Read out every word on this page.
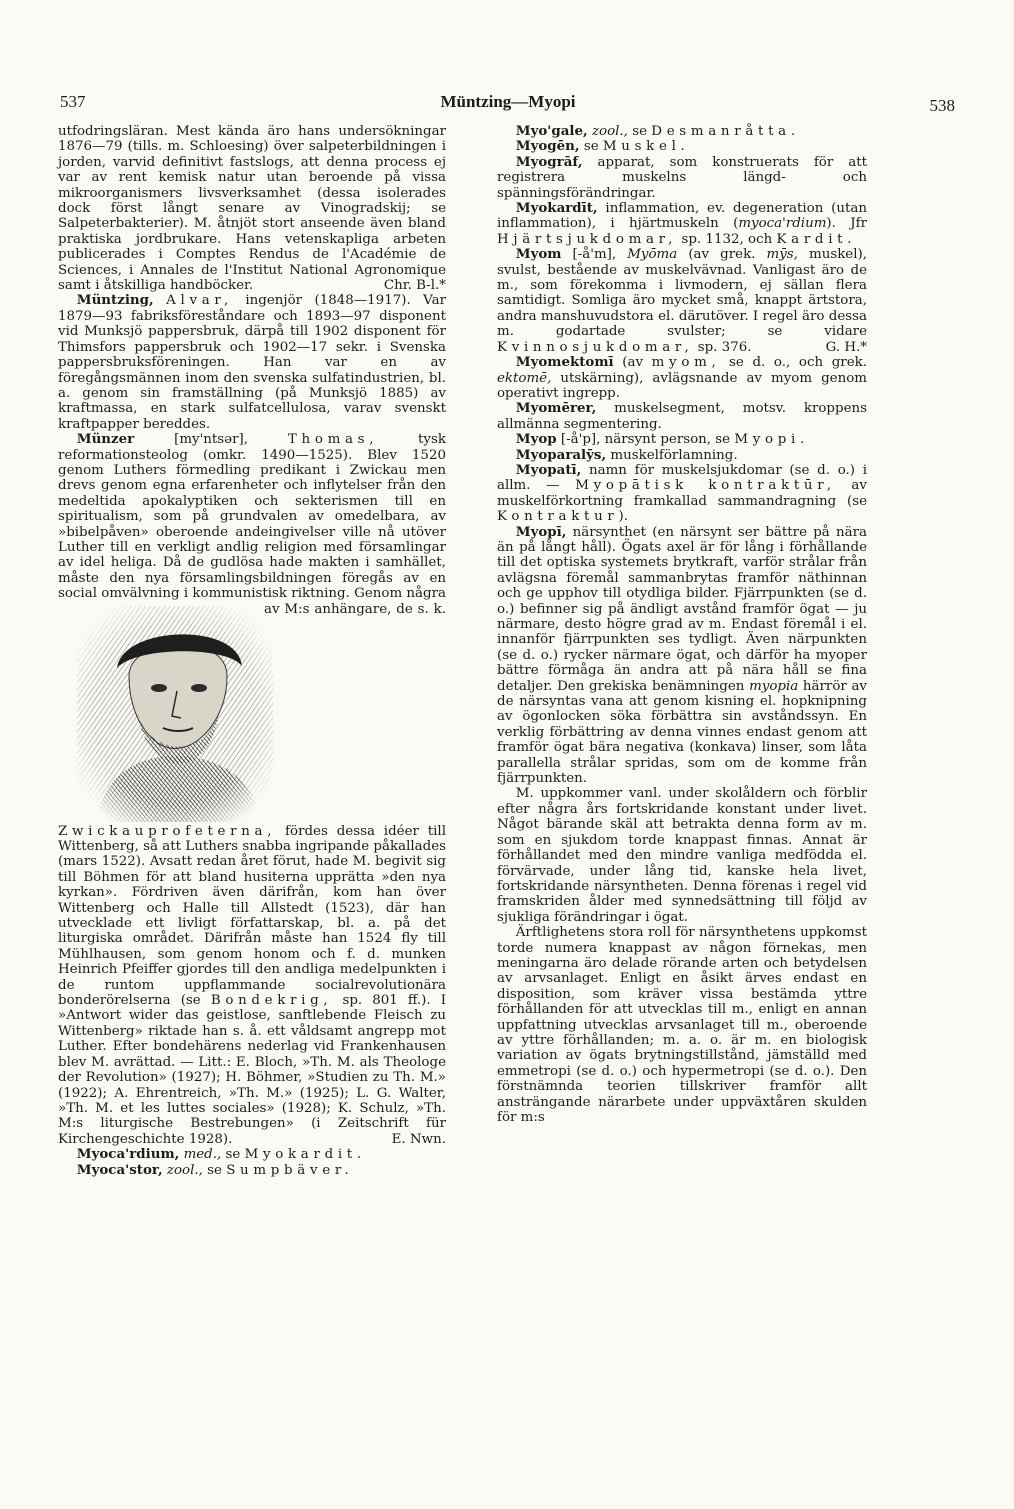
537	Müntzing—Myopi	538

utfodringsläran. Mest kända äro hans undersökningar 1876—79 (tills. m. Schloesing) över salpeterbildningen i jorden, varvid definitivt fastslogs, att denna process ej var av rent kemisk natur utan beroende på vissa mikroorganismers livsverksamhet (dessa isolerades dock först långt senare av Vinogradskij; se Salpeterbakterier). M. åtnjöt stort anseende även bland praktiska jordbrukare. Hans vetenskapliga arbeten publicerades i Comptes Rendus de l'Académie de Sciences, i Annales de l'Institut National Agronomique samt i åtskilliga handböcker.	Chr. B-l.*

Müntzing, Alvar, ingenjör (1848—1917). Var 1879—93 fabriksföreståndare och 1893—97 disponent vid Munksjö pappersbruk, därpå till 1902 disponent för Thimsfors pappersbruk och 1902—17 sekr. i Svenska pappersbruksföreningen. Han var en av föregångsmännen inom den svenska sulfatindustrien, bl. a. genom sin framställning (på Munksjö 1885) av kraftmassa, en stark sulfatcellulosa, varav svenskt kraftpapper bereddes.

Münzer [my'ntsər],	Thomas, tysk reformationsteolog (omkr. 1490—1525). Blev 1520 genom Luthers förmedling predikant i Zwickau men drevs genom egna erfarenheter och inflytelser från den medeltida apokalyptiken och sekterismen till en spiritualism, som på grundvalen av omedelbara, av »bibelpåven» oberoende andeingivelser ville nå utöver Luther till en verkligt andlig religion med församlingar av idel heliga. Då de gudlösa hade makten i samhället, måste den nya församlingsbildningen föregås av en social omvälvning i kommunistisk riktning. Genom några av M:s anhängare, de s. k.
Zwickauprofeterna, fördes dessa idéer till Wittenberg, så att Luthers snabba ingripande påkallades (mars 1522). Avsatt redan året förut, hade M. begivit sig till Böhmen för att bland husiterna upprätta »den nya kyrkan». Fördriven även därifrån, kom han över Wittenberg och Halle till Allstedt (1523), där han utvecklade ett livligt författarskap, bl. a. på det liturgiska området. Därifrån måste han 1524 fly till Mühlhausen, som genom honom och f. d. munken Heinrich Pfeiffer gjordes till den andliga medelpunkten i de runtom uppflammande socialrevolutionära bonderörelserna (se Bondekrig, sp. 801 ff.). I »Antwort wider das geistlose, sanftlebende Fleisch zu Wittenberg» riktade han s. å. ett våldsamt angrepp mot Luther. Efter bondehärens nederlag vid Frankenhausen blev M. avrättad. — Litt.: E. Bloch, »Th. M. als Theologe der Revolution» (1927); H. Böhmer, »Studien zu Th. M.» (1922); A. Ehrentreich, »Th. M.» (1925); L. G. Walter, »Th. M. et les luttes sociales» (1928); K. Schulz, »Th. M:s liturgische Bestrebungen» (i Zeitschrift für Kirchengeschichte 1928).	E. Nwn.

Myoca'rdium, med., se Myokardit.

Myoca'stor, zool., se Sumpbäver.

Myo'gale, zool., se Desmanråtta.

Myogēn, se Muskel.

Myogrāf, apparat, som konstruerats för att registrera muskelns längd- och spänningsförändringar.

Myokardīt, inflammation, ev. degeneration (utan inflammation), i hjärtmuskeln (myoca'rdium). Jfr Hjärtsjukdomar, sp. 1132, och Kardit.

Myom [-å'm], Myōma (av grek. mȳs, muskel), svulst, bestående av muskelvävnad. Vanligast äro de m., som förekomma i livmodern, ej sällan flera samtidigt. Somliga äro mycket små, knappt ärtstora, andra manshuvudstora el. därutöver. I regel äro dessa m. godartade svulster; se vidare Kvinnosjukdomar, sp. 376.	G. H.*

Myomektomī (av myom, se d. o., och grek. ektomē, utskärning), avlägsnande av myom genom operativt ingrepp.

Myomērer, muskelsegment, motsv. kroppens allmänna segmentering.

Myop [-å'p], närsynt person, se Myopi.

Myoparalȳs, muskelförlamning.

Myopatī, namn för muskelsjukdomar (se d. o.) i allm. — Myopātisk kontraktūr, av muskelförkortning framkallad sammandragning (se Kontraktur).

Myopī, närsynthet (en närsynt ser bättre på nära än på långt håll). Ögats axel är för lång i förhållande till det optiska systemets brytkraft, varför strålar från avlägsna föremål sammanbrytas framför näthinnan och ge upphov till otydliga bilder. Fjärrpunkten (se d. o.) befinner sig på ändligt avstånd framför ögat — ju närmare, desto högre grad av m. Endast föremål i el. innanför fjärrpunkten ses tydligt. Även närpunkten (se d. o.) rycker närmare ögat, och därför ha myoper bättre förmåga än andra att på nära håll se fina detaljer. Den grekiska benämningen myopia härrör av de närsyntas vana att genom kisning el. hopknipning av ögonlocken söka förbättra sin avståndssyn. En verklig förbättring av denna vinnes endast genom att framför ögat bära negativa (konkava) linser, som låta parallella strålar spridas, som om de komme från fjärrpunkten.

M. uppkommer vanl. under skolåldern och förblir efter några års fortskridande konstant under livet. Något bärande skäl att betrakta denna form av m. som en sjukdom torde knappast finnas. Annat är förhållandet med den mindre vanliga medfödda el. förvärvade, under lång tid, kanske hela livet, fortskridande närsyntheten. Denna förenas i regel vid framskriden ålder med synnedsättning till följd av sjukliga förändringar i ögat.

Ärftlighetens stora roll för närsynthetens uppkomst torde numera knappast av någon förnekas, men meningarna äro delade rörande arten och betydelsen av arvsanlaget. Enligt en åsikt ärves endast en disposition, som kräver vissa bestämda yttre förhållanden för att utvecklas till m., enligt en annan uppfattning utvecklas arvsanlaget till m., oberoende av yttre förhållanden; m. a. o. är m. en biologisk variation av ögats brytningstillstånd, jämställd med emmetropi (se d. o.) och hypermetropi (se d. o.). Den förstnämnda teorien tillskriver framför allt ansträngande närarbete under uppväxtåren skulden för m:s
